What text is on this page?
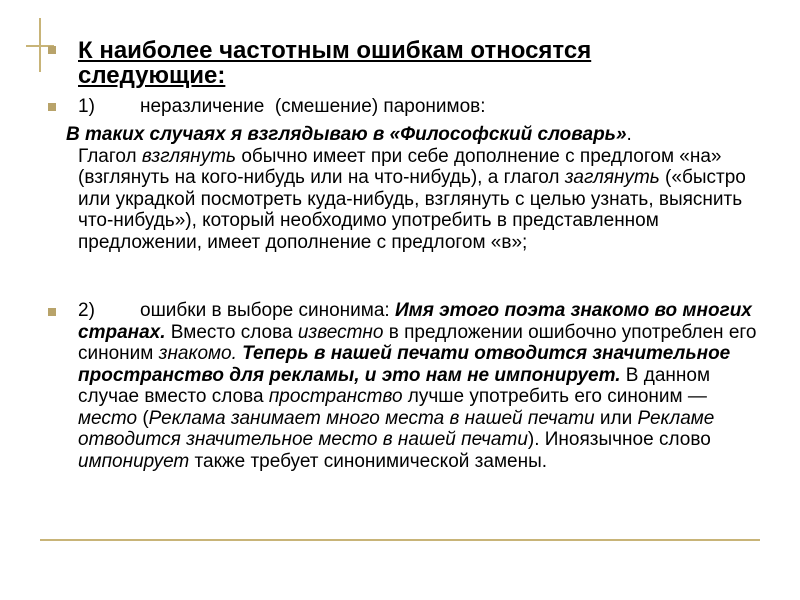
К наиболее частотным ошибкам относятся
следующие:
1) неразличение  (смешение) паронимов:
В таких случаях я взглядываю в «Философский словарь».
Глагол взглянуть обычно имеет при себе дополнение с предлогом «на» (взглянуть на кого-нибудь или на что-нибудь), а глагол заглянуть («быстро или украдкой посмотреть куда-нибудь, взглянуть с целью узнать, выяснить что-нибудь»), который необходимо употребить в представленном предложении, имеет дополнение с предлогом «в»;
2) ошибки в выборе синонима: Имя этого поэта знакомо во многих странах. Вместо слова известно в предложении ошибочно употреблен его синоним знакомо. Теперь в нашей печати отводится значительное пространство для рекламы, и это нам не импонирует. В данном случае вместо слова пространство лучше употребить его синоним — место (Реклама занимает много места в нашей печати или Рекламе отводится значительное место в нашей печати). Иноязычное слово импонирует также требует синонимической замены.
